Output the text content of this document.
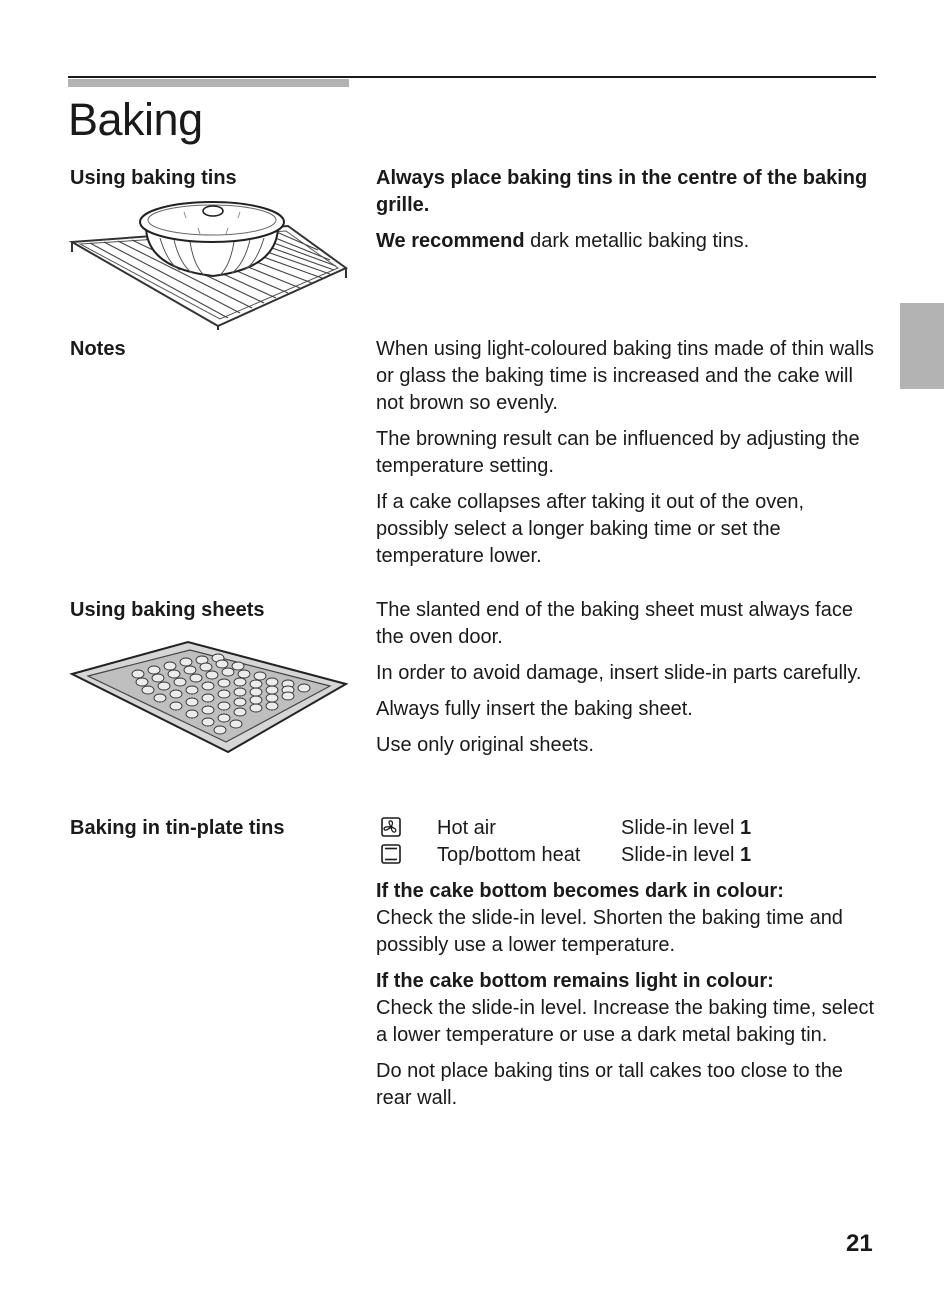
Baking
Using baking tins	Always place baking tins in the centre of the baking grille.

We recommend dark metallic baking tins.

Notes	When using light-coloured baking tins made of thin walls or glass the baking time is increased and the cake will not brown so evenly.

The browning result can be influenced by adjusting the temperature setting.

If a cake collapses after taking it out of the oven, possibly select a longer baking time or set the temperature lower.

Using baking sheets	The slanted end of the baking sheet must always face the oven door.

In order to avoid damage, insert slide-in parts carefully.

Always fully insert the baking sheet.

Use only original sheets.

Baking in tin-plate tins	Hot air	Slide-in level 1
Top/bottom heat Slide-in level 1

If the cake bottom becomes dark in colour:
Check the slide-in level. Shorten the baking time and possibly use a lower temperature.

If the cake bottom remains light in colour:
Check the slide-in level. Increase the baking time, select a lower temperature or use a dark metal baking tin.

Do not place baking tins or tall cakes too close to the rear wall.

21
